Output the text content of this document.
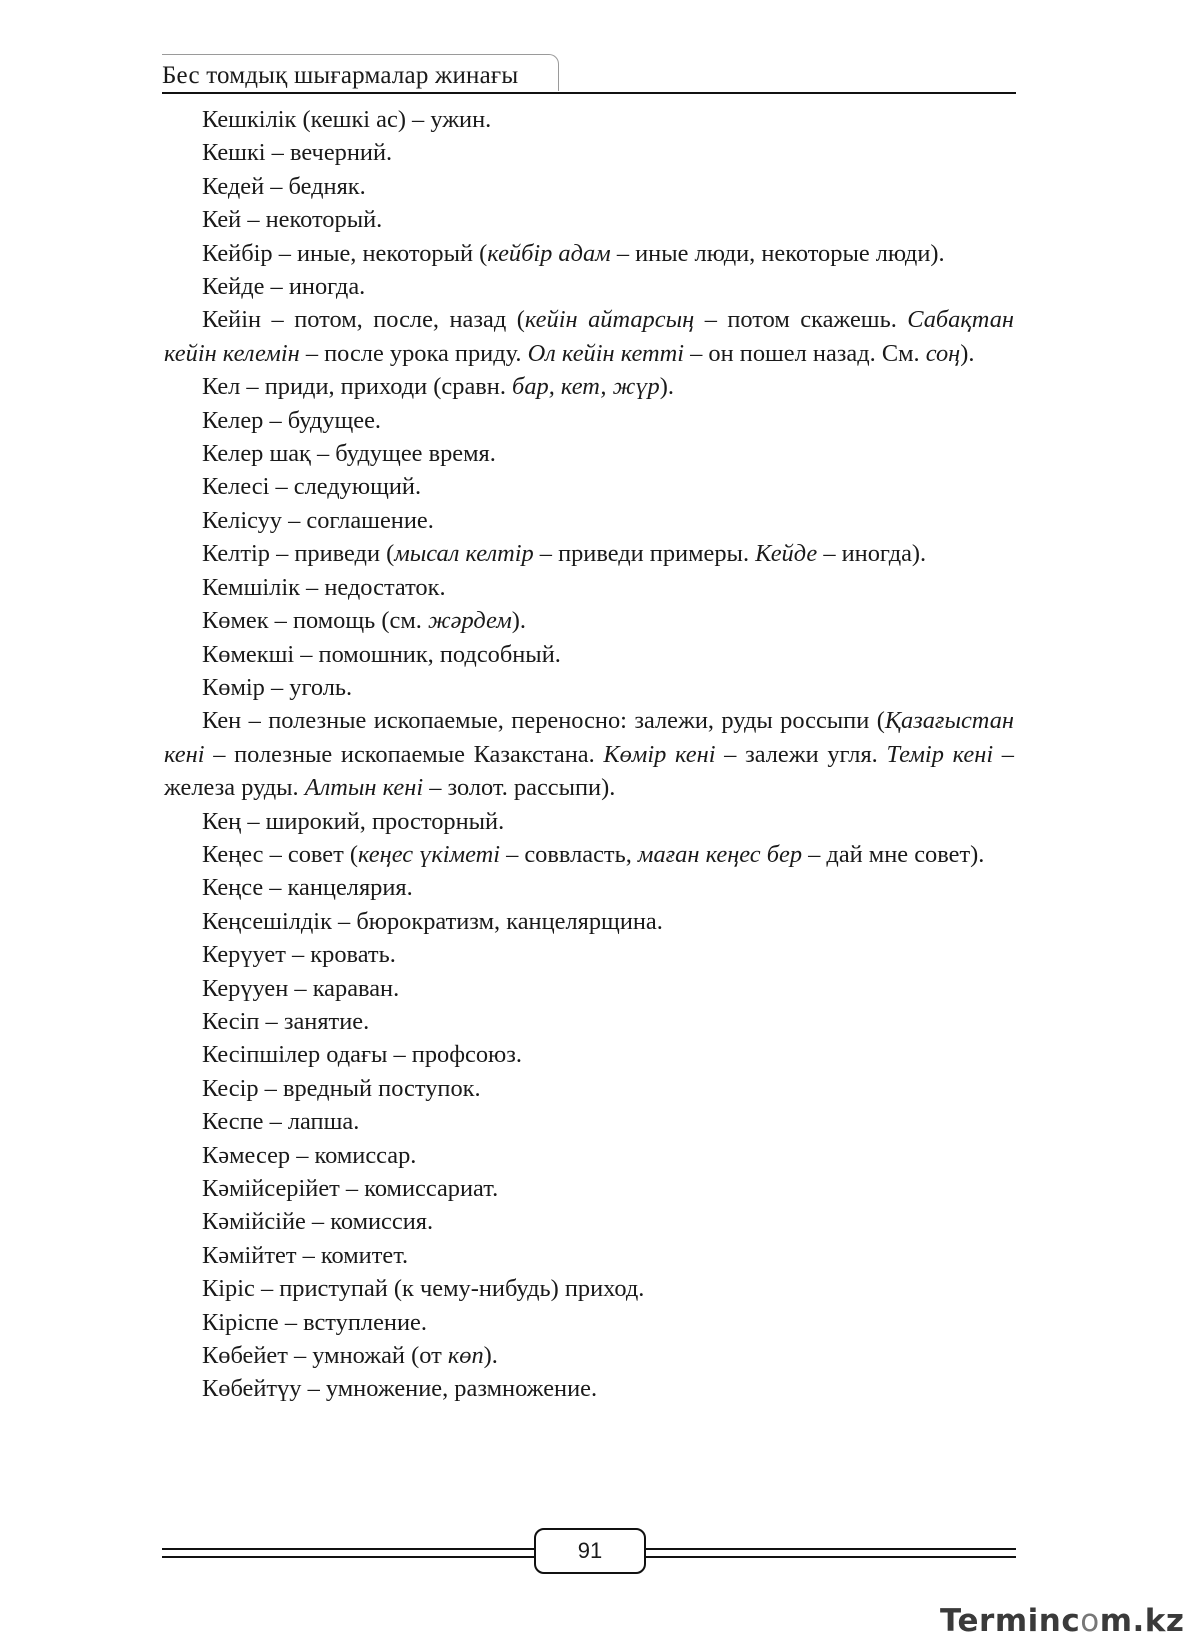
Бес томдық шығармалар жинағы

Кешкілік (кешкі ас) – ужин.

Кешкі – вечерний.

Кедей – бедняк.

Кей – некоторый.

Кейбір – иные, некоторый (кейбір адам – иные люди, некоторые люди).

Кейде – иногда.

Кейін – потом, после, назад (кейін айтарсың – потом скажешь. Сабақтан кейін келемін – после урока приду. Ол кейін кетті – он пошел назад. См. соң).

Кел – приди, приходи (сравн. бар, кет, жүр).

Келер – будущее.

Келер шақ – будущее время.

Келесі – следующий.

Келісуу – соглашение.

Келтір – приведи (мысал келтір – приведи примеры. Кейде – иногда).

Кемшілік – недостаток.

Көмек – помощь (см. жәрдем).

Көмекші – помошник, подсобный.

Көмір – уголь.

Кен – полезные ископаемые, переносно: залежи, руды россыпи (Қазағыстан кені – полезные ископаемые Казакстана. Көмір кені – залежи угля. Темір кені – железа руды. Алтын кені – золот. рассыпи).

Кең – широкий, просторный.

Кеңес – совет (кеңес үкіметі – соввласть, маған кеңес бер – дай мне совет).

Кеңсе – канцелярия.

Кеңсешілдік – бюрократизм, канцелярщина.

Керүует – кровать.

Керүуен – караван.

Кесіп – занятие.

Кесіпшілер одағы – профсоюз.

Кесір – вредный поступок.

Кеспе – лапша.

Кәмесер – комиссар.

Кәмійсерійет – комиссариат.

Кәмійсійе – комиссия.

Кәмійтет – комитет.

Кіріс – приступай (к чему-нибудь) приход.

Кіріспе – вступление.

Көбейет – умножай (от көп).

Көбейтүу – умножение, размножение.

91
Termincom.kz
